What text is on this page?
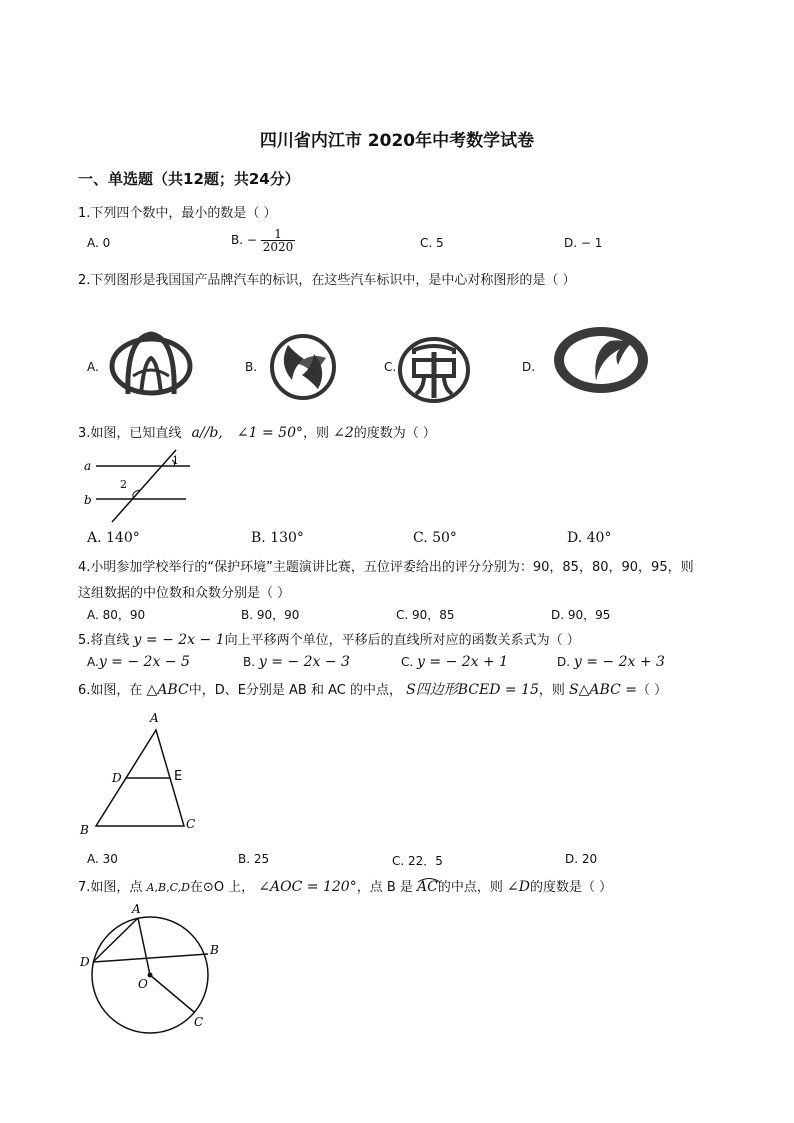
四川省内江市 2020年中考数学试卷
一、单选题（共12题；共24分）
1.下列四个数中，最小的数是（ ）
A. 0	B. − $\frac{1}{2020}$	C. 5	D. − 1
2.下列图形是我国国产品牌汽车的标识，在这些汽车标识中，是中心对称图形的是（ ）
A.	B.	C.	D.
3.如图，已知直线 a//b, ∠1 = 50°，则 ∠2的度数为（ ）
a
b
1
2
A. 140°	B. 130°	C. 50°	D. 40°
4.小明参加学校举行的“保护环境”主题演讲比赛，五位评委给出的评分分别为：90，85，80，90，95，则
这组数据的中位数和众数分别是（ ）
A. 80，90	B. 90，90	C. 90，85	D. 90，95
5.将直线 y = − 2x − 1向上平移两个单位，平移后的直线所对应的函数关系式为（ ）
A.y = − 2x − 5	B. y = − 2x − 3	C. y = − 2x + 1	D. y = − 2x + 3
6.如图，在 △ABC中，D、E分别是 AB 和 AC 的中点， S四边形BCED = 15，则 S△ABC =（ ）
A
B	C
D	E
A. 30	B. 25	C. 22．5	D. 20
7.如图，点 A,B,C,D在⊙O 上， ∠AOC = 120°，点 B 是 AC的中点，则 ∠D的度数是（ ）
A
B
C
D
O
